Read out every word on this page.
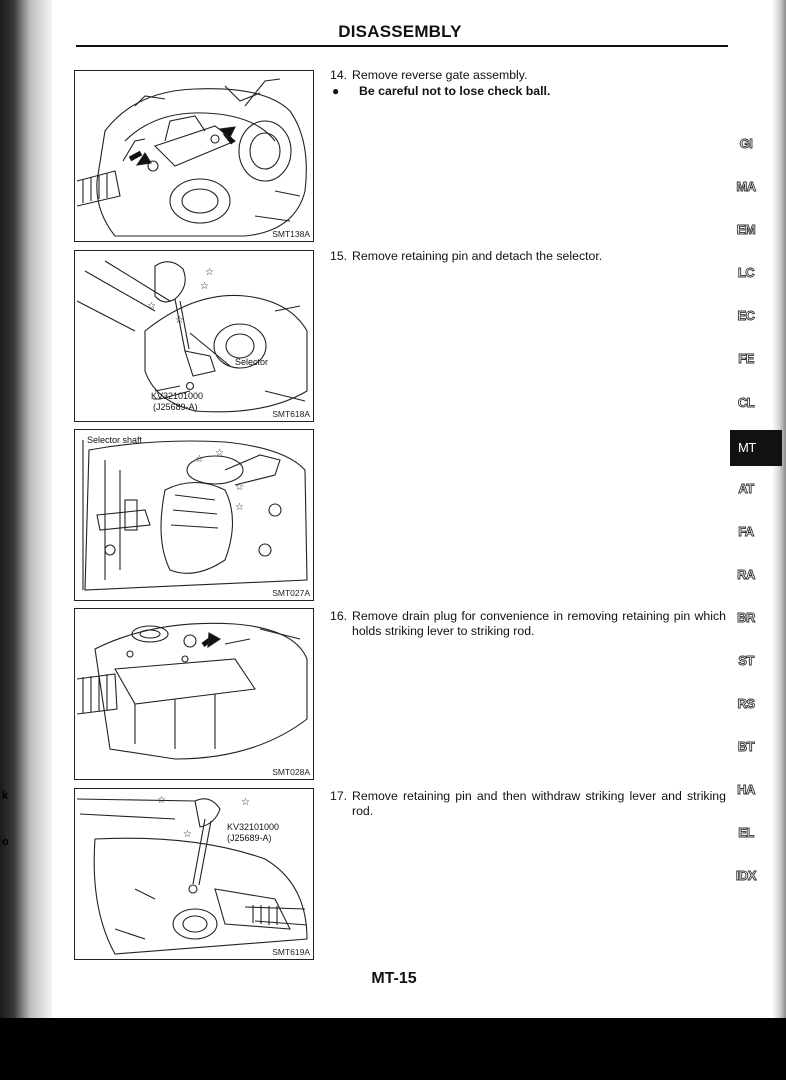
k
o
DISASSEMBLY
SMT138A
☆
☆
☆
☆
Selector
KV32101000
(J25689-A)
SMT618A
☆
☆
☆
☆
Selector shaft
SMT027A
SMT028A
☆	☆
☆
KV32101000
(J25689-A)
SMT619A
14. Remove reverse gate assembly.
●	Be careful not to lose check ball.
15. Remove retaining pin and detach the selector.
16. Remove drain plug for convenience in removing retaining pin which holds striking lever to striking rod.
17. Remove retaining pin and then withdraw striking lever and striking rod.
GI
MA
EM
LC
EC
FE
CL
MT
AT
FA
RA
BR
ST
RS
BT
HA
EL
IDX
MT-15
